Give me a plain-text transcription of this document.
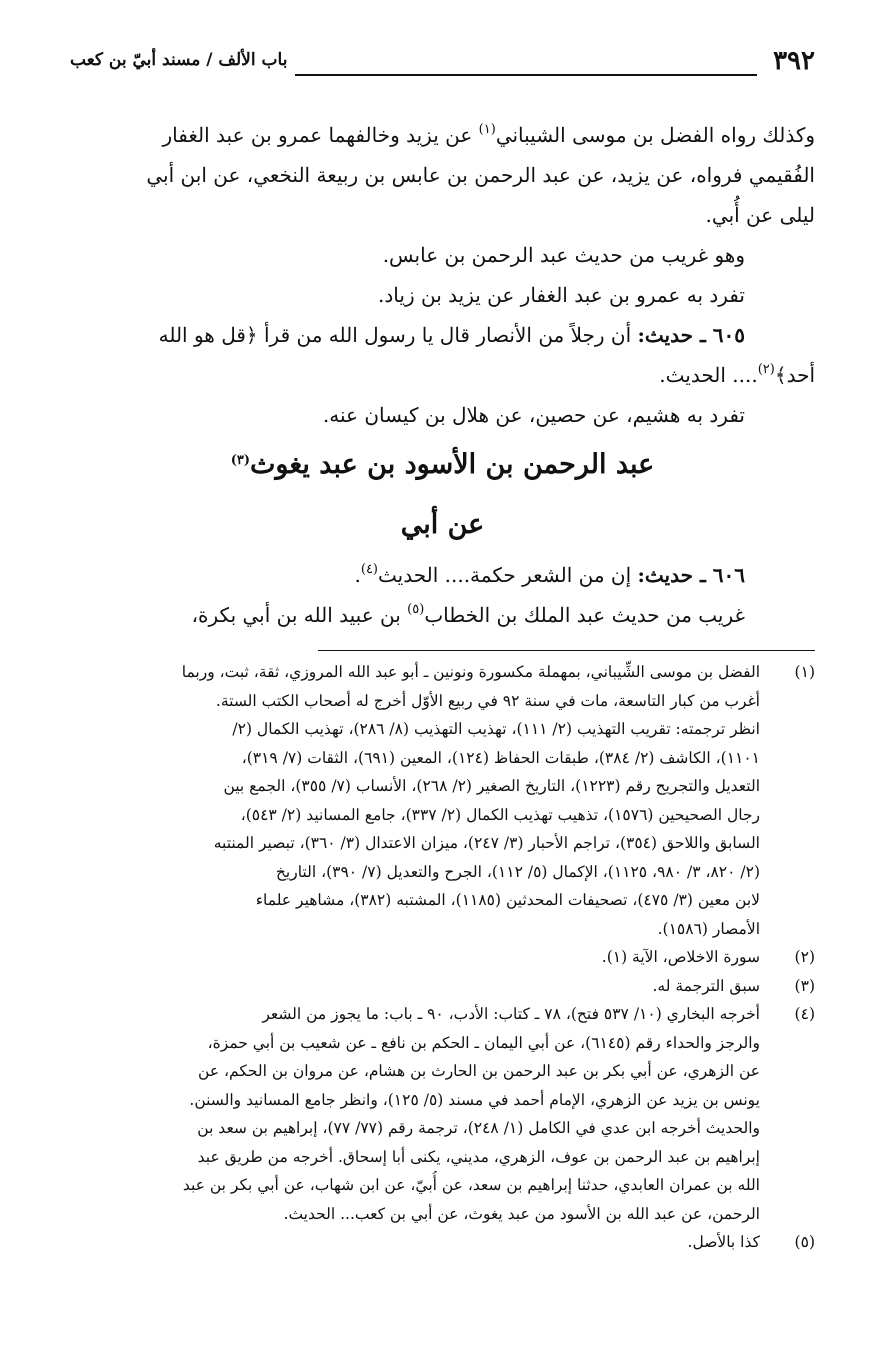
٣٩٢
باب الألف / مسند أبيّ بن كعب
وكذلك رواه الفضل بن موسى الشيباني$^{(١)}$ عن يزيد وخالفهما عمرو بن عبد الغفار
الفُقيمي فرواه، عن يزيد، عن عبد الرحمن بن عابس بن ربيعة النخعي، عن ابن أبي
ليلى عن أُبي.
وهو غريب من حديث عبد الرحمن بن عابس.
تفرد به عمرو بن عبد الغفار عن يزيد بن زياد.
٦٠٥ ـ حديث: أن رجلاً من الأنصار قال يا رسول الله من قرأ ﴿قل هو الله
أحد﴾$^{(٢)}$.... الحديث.
تفرد به هشيم، عن حصين، عن هلال بن كيسان عنه.
عبد الرحمن بن الأسود بن عبد يغوث$^{(٣)}$
عن أبي
٦٠٦ ـ حديث: إن من الشعر حكمة.... الحديث$^{(٤)}$.
غريب من حديث عبد الملك بن الخطاب$^{(٥)}$ بن عبيد الله بن أبي بكرة،
(١)
الفضل بن موسى الشِّيباني، بمهملة مكسورة ونونين ـ أبو عبد الله المروزي، ثقة، ثبت، وربما
أغرب من كبار التاسعة، مات في سنة ٩٢ في ربيع الأوّل أخرج له أصحاب الكتب الستة.
انظر ترجمته: تقريب التهذيب (٢/ ١١١)، تهذيب التهذيب (٨/ ٢٨٦)، تهذيب الكمال (٢/
١١٠١)، الكاشف (٢/ ٣٨٤)، طبقات الحفاظ (١٢٤)، المعين (٦٩١)، الثقات (٧/ ٣١٩)،
التعديل والتجريح رقم (١٢٢٣)، التاريخ الصغير (٢/ ٢٦٨)، الأنساب (٧/ ٣٥٥)، الجمع بين
رجال الصحيحين (١٥٧٦)، تذهيب تهذيب الكمال (٢/ ٣٣٧)، جامع المسانيد (٢/ ٥٤٣)،
السابق واللاحق (٣٥٤)، تراجم الأحبار (٣/ ٢٤٧)، ميزان الاعتدال (٣/ ٣٦٠)، تبصير المنتبه
(٢/ ٨٢٠، ٣/ ٩٨٠، ١١٢٥)، الإكمال (٥/ ١١٢)، الجرح والتعديل (٧/ ٣٩٠)، التاريخ
لابن معين (٣/ ٤٧٥)، تصحيفات المحدثين (١١٨٥)، المشتبه (٣٨٢)، مشاهير علماء
الأمصار (١٥٨٦).
(٢)
سورة الاخلاص، الآية (١).
(٣)
سبق الترجمة له.
(٤)
أخرجه البخاري (١٠/ ٥٣٧ فتح)، ٧٨ ـ كتاب: الأدب، ٩٠ ـ باب: ما يجوز من الشعر
والرجز والحداء رقم (٦١٤٥)، عن أبي اليمان ـ الحكم بن نافع ـ عن شعيب بن أبي حمزة،
عن الزهري، عن أبي بكر بن عبد الرحمن بن الحارث بن هشام، عن مروان بن الحكم، عن
يونس بن يزيد عن الزهري، الإمام أحمد في مسند (٥/ ١٢٥)، وانظر جامع المسانيد والسنن.
والحديث أخرجه ابن عدي في الكامل (١/ ٢٤٨)، ترجمة رقم (٧٧/ ٧٧)، إبراهيم بن سعد بن
إبراهيم بن عبد الرحمن بن عوف، الزهري، مديني، يكنى أبا إسحاق. أخرجه من طريق عبد
الله بن عمران العابدي، حدثنا إبراهيم بن سعد، عن أُبيّ، عن ابن شهاب، عن أبي بكر بن عبد
الرحمن، عن عبد الله بن الأسود من عبد يغوث، عن أبي بن كعب... الحديث.
(٥)
كذا بالأصل.
